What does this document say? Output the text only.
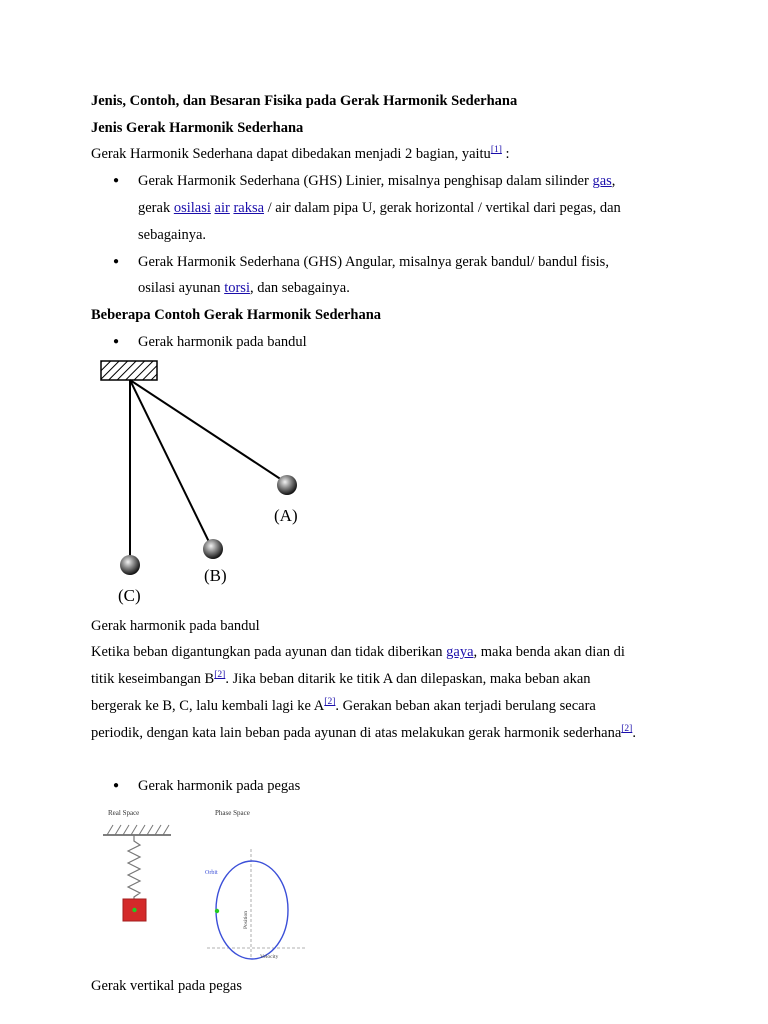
Jenis, Contoh, dan Besaran Fisika pada Gerak Harmonik Sederhana
Jenis Gerak Harmonik Sederhana
Gerak Harmonik Sederhana dapat dibedakan menjadi 2 bagian, yaitu[1] :
● Gerak Harmonik Sederhana (GHS) Linier, misalnya penghisap dalam silinder gas,
gerak osilasi air raksa / air dalam pipa U, gerak horizontal / vertikal dari pegas, dan
sebagainya.
● Gerak Harmonik Sederhana (GHS) Angular, misalnya gerak bandul/ bandul fisis,
osilasi ayunan torsi, dan sebagainya.
Beberapa Contoh Gerak Harmonik Sederhana
● Gerak harmonik pada bandul
(A)
(B)
(C)
Gerak harmonik pada bandul
Ketika beban digantungkan pada ayunan dan tidak diberikan gaya, maka benda akan dian di
titik keseimbangan B[2]. Jika beban ditarik ke titik A dan dilepaskan, maka beban akan
bergerak ke B, C, lalu kembali lagi ke A[2]. Gerakan beban akan terjadi berulang secara
periodik, dengan kata lain beban pada ayunan di atas melakukan gerak harmonik sederhana[2].
● Gerak harmonik pada pegas
Real Space	Phase Space
Orbit
Position
Velocity
Gerak vertikal pada pegas
